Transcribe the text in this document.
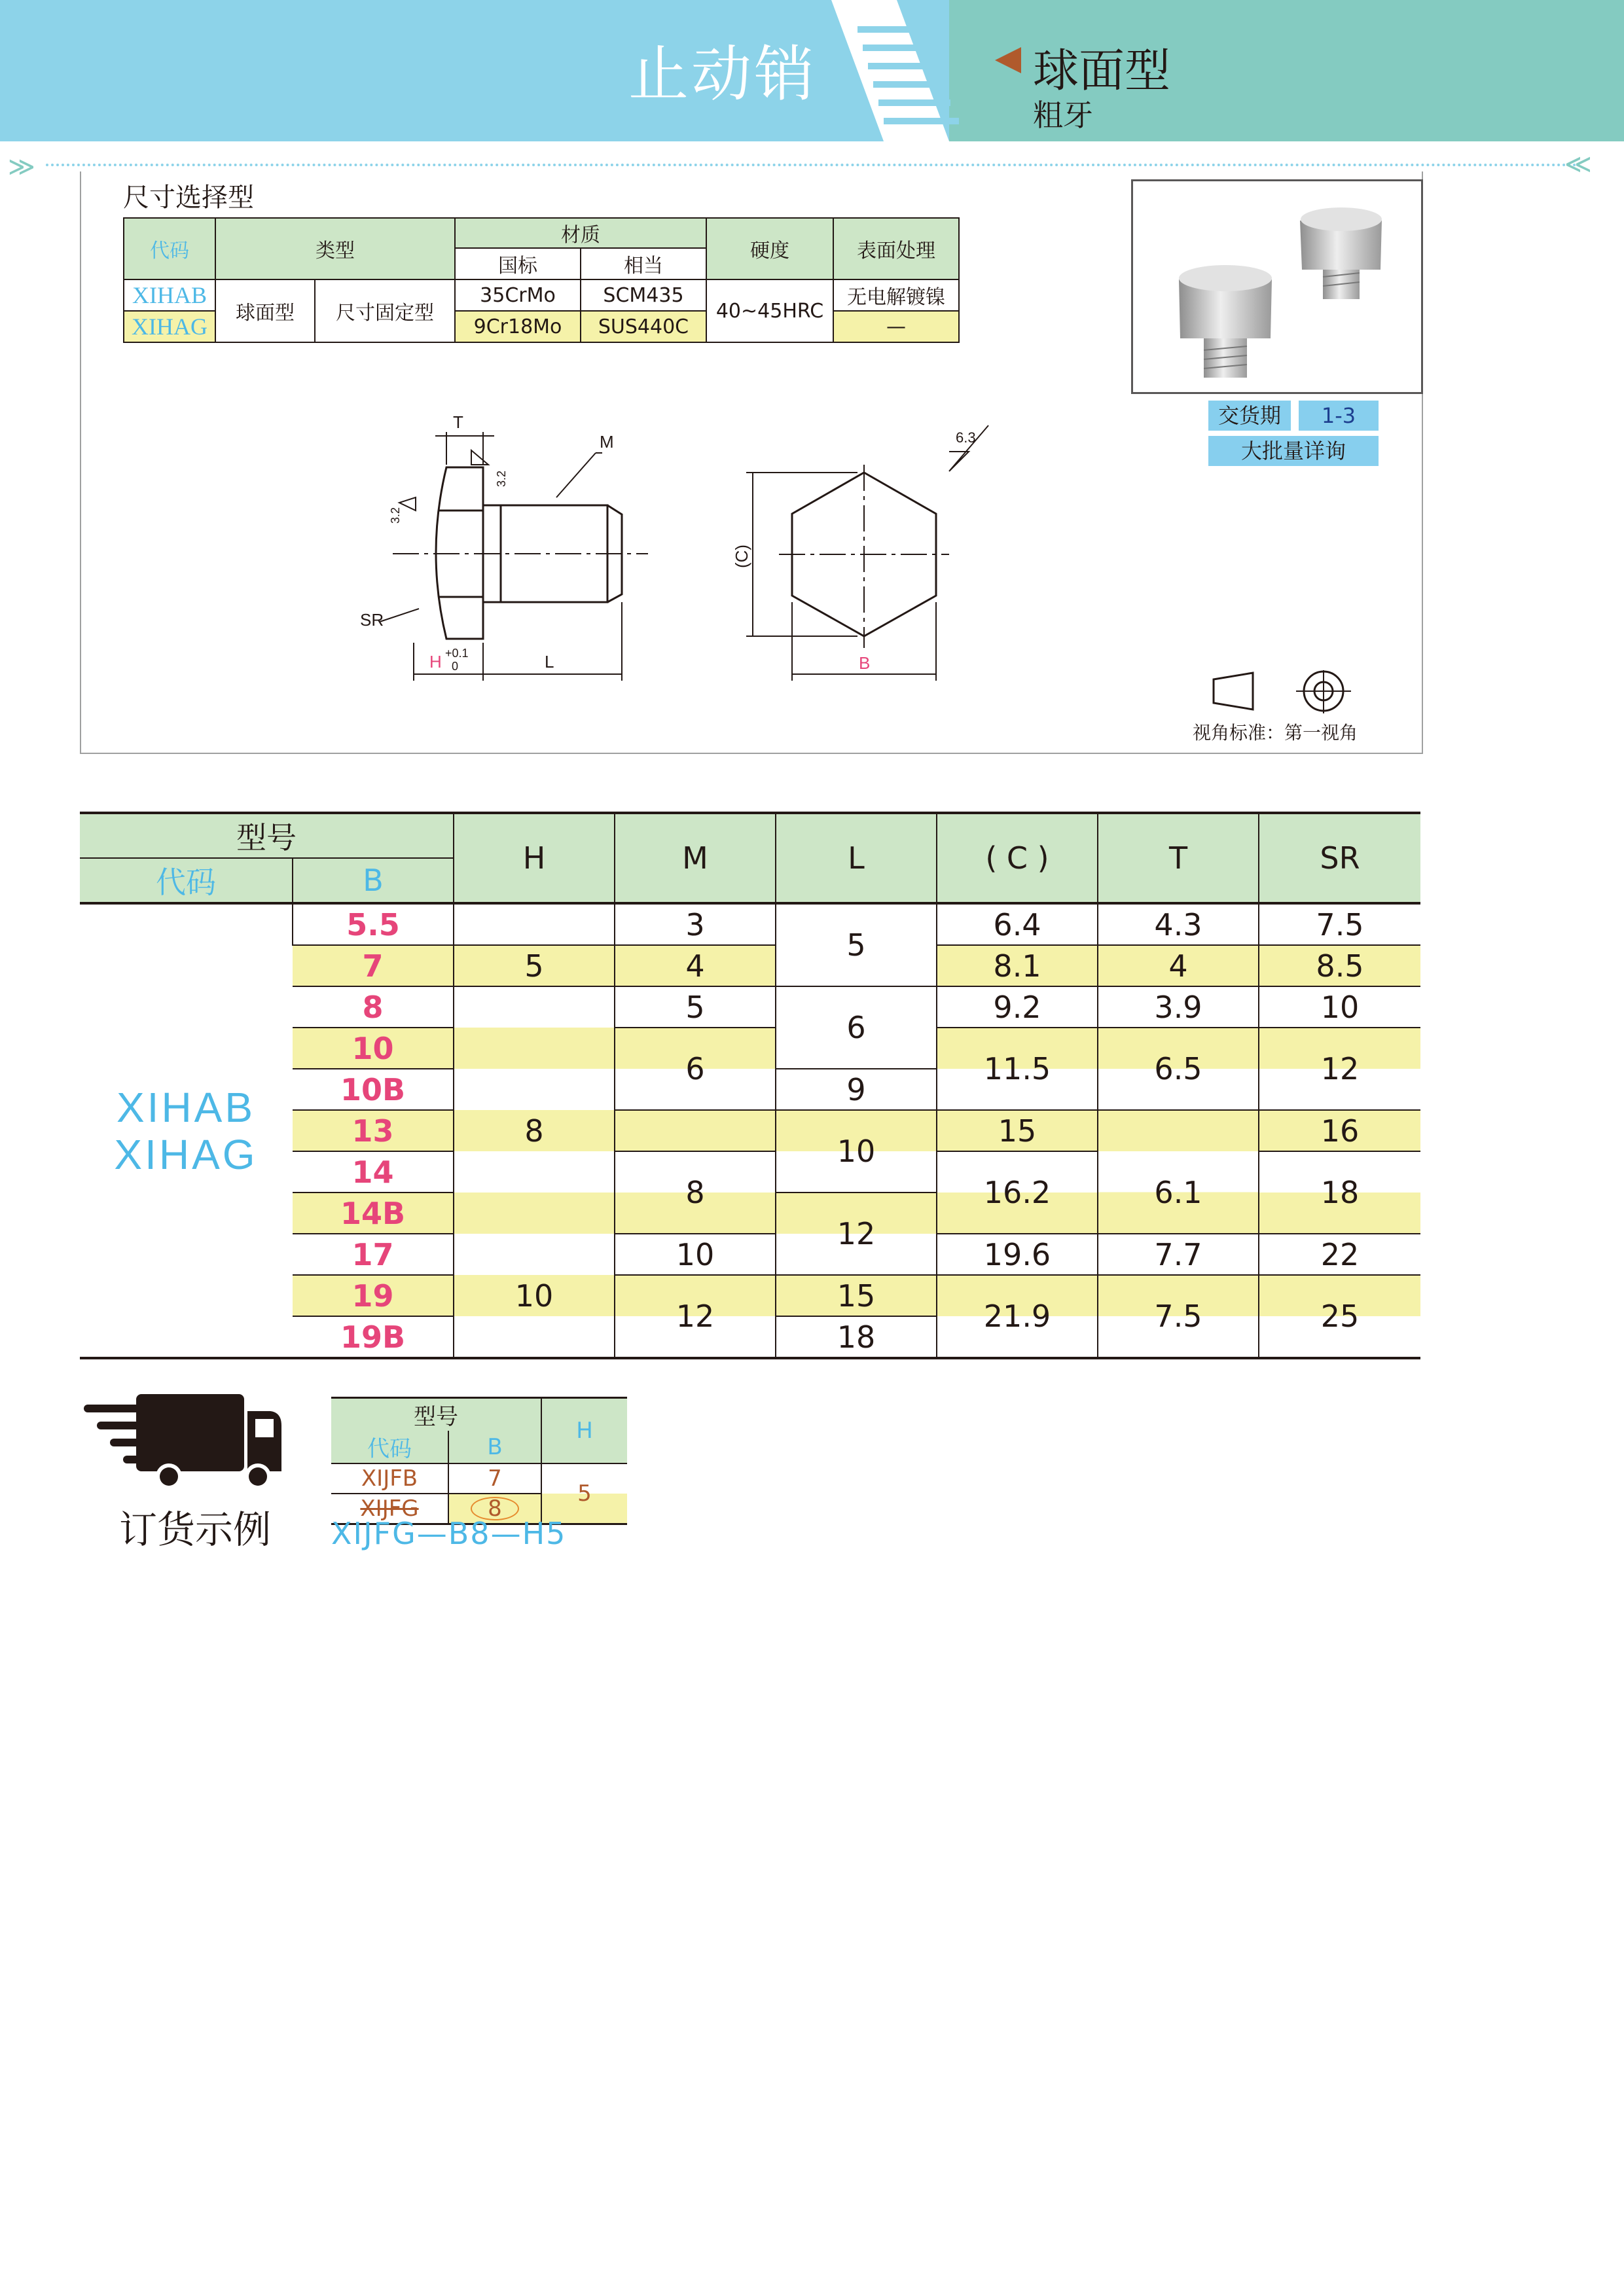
止动销	球面型
粗牙
≫	≪
尺寸选择型
代码	类型		材质		硬度	表面处理
			国标	相当		
XIHAB	球面型	尺寸固定型	35CrMo	SCM435	40~45HRC	无电解镀镍
XIHAG			9Cr18Mo	SUS440C		—
交货期	1-3
大批量详询
T
M
SR
H +0.1
0	L	B
6.3
(C)
3.2
3.2
视角标准：第一视角
型号		H	M	L	( C )	T	SR
代码	B						

XIHAB
XIHAG	5.5		3	5	6.4	4.3	7.5
	7	5	4		8.1	4	8.5
	8		5	6	9.2	3.9	10
	10		6		11.5	6.5	12
	10B			9			
	13	8		10	15		16
	14		8		16.2	6.1	18
	14B			12			
	17		10		19.6	7.7	22
	19	10	12	15	21.9	7.5	25
	19B			18			
订货示例
型号		H
代码	B	
XIJFB	7	5
XIJFG	8	
XIJFG—B8—H5
